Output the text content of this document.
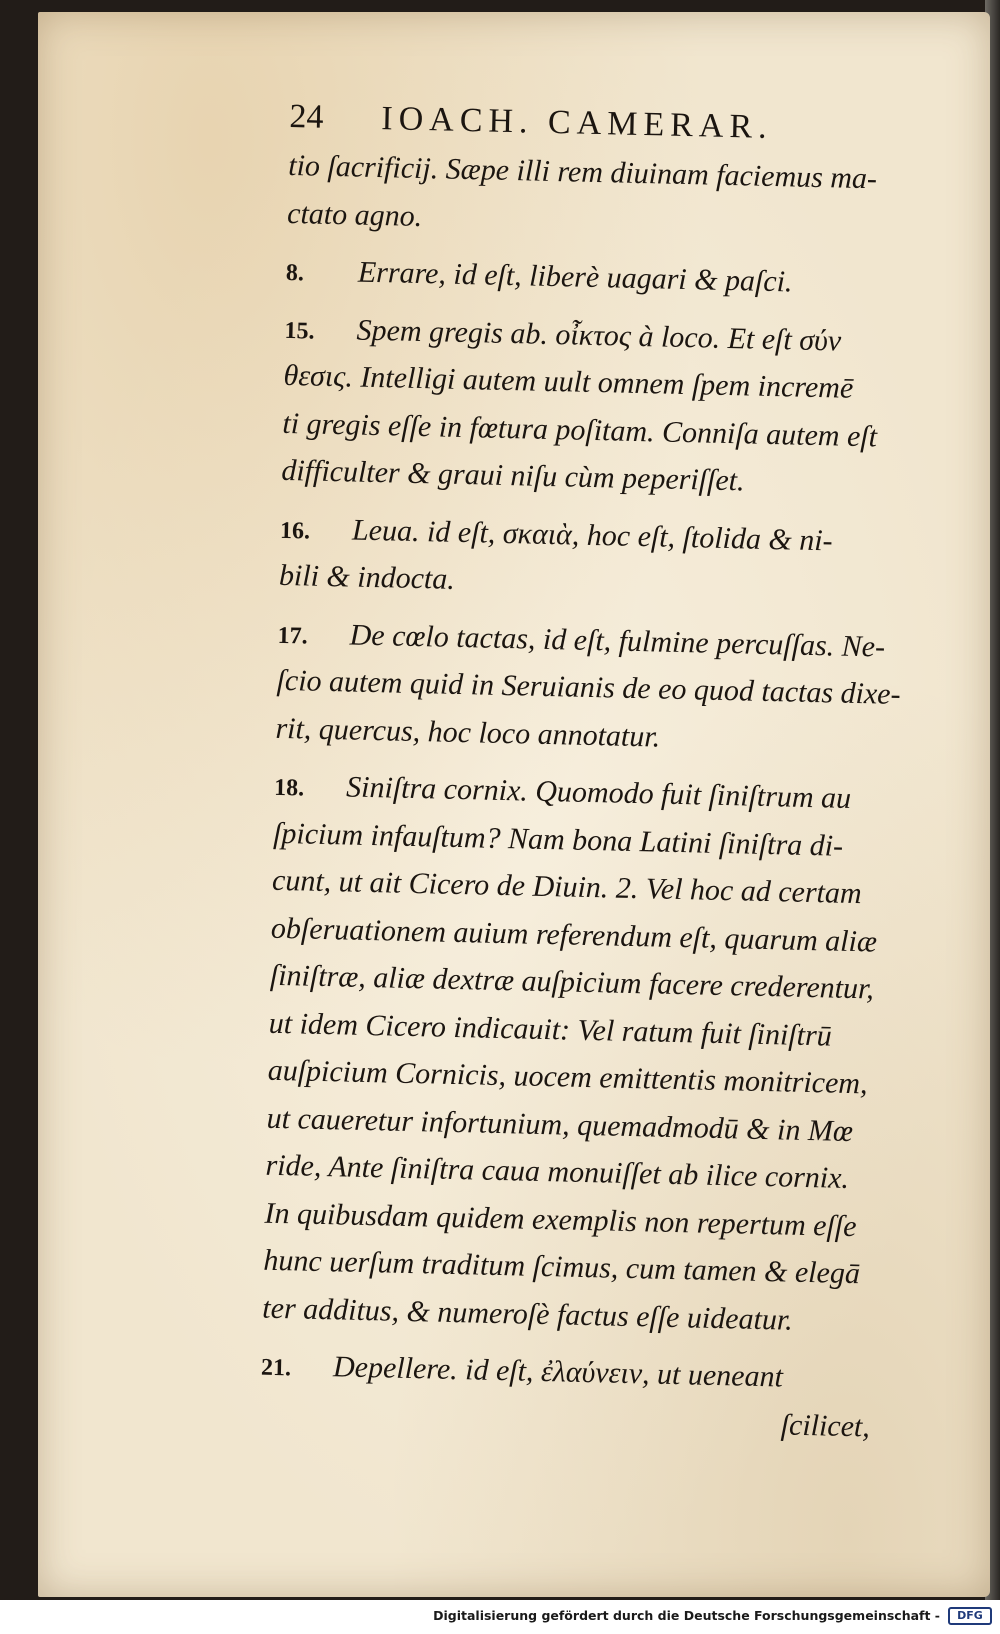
24	IOACH. CAMERAR.
tio ſacrificij. Sæpe illi rem diuinam faciemus ma-
ctato agno.
8. Errare, id eſt, liberè uagari & paſci.
15. Spem gregis ab. οἶκτος à loco. Et eſt σύν
θεσις. Intelligi autem uult omnem ſpem incremē
ti gregis eſſe in fœtura poſitam. Conniſa autem eſt
difficulter & graui niſu cùm peperiſſet.
16. Leua. id eſt, σκαιὰ, hoc eſt, ſtolida & ni-
bili & indocta.
17. De cœlo tactas, id eſt, fulmine percuſſas. Ne-
ſcio autem quid in Seruianis de eo quod tactas dixe-
rit, quercus, hoc loco annotatur.
18. Siniſtra cornix. Quomodo fuit ſiniſtrum au
ſpicium infauſtum? Nam bona Latini ſiniſtra di-
cunt, ut ait Cicero de Diuin. 2. Vel hoc ad certam
obſeruationem auium referendum eſt, quarum aliæ
ſiniſtræ, aliæ dextræ auſpicium facere crederentur,
ut idem Cicero indicauit: Vel ratum fuit ſiniſtrū
auſpicium Cornicis, uocem emittentis monitricem,
ut caueretur infortunium, quemadmodū & in Mœ
ride, Ante ſiniſtra caua monuiſſet ab ilice cornix.
In quibusdam quidem exemplis non repertum eſſe
hunc uerſum traditum ſcimus, cum tamen & elegā
ter additus, & numeroſè factus eſſe uideatur.
21. Depellere. id eſt, ἐλαύνειν, ut ueneant
ſcilicet,
Digitalisierung gefördert durch die Deutsche Forschungsgemeinschaft -	DFG
